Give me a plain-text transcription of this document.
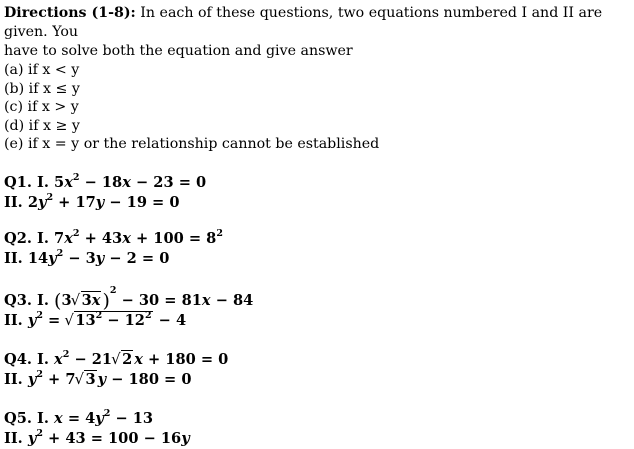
Directions (1-8): In each of these questions, two equations numbered I and II are given. You
have to solve both the equation and give answer

(a) if x < y

(b) if x ≤ y

(c) if x > y

(d) if x ≥ y

(e) if x = y or the relationship cannot be established

Q1. I. $5x^2 - 18x - 23 = 0$

II. $2y^2 + 17y - 19 = 0$

Q2. I. $7x^2 + 43x + 100 = 8^2$

II. $14y^2 - 3y - 2 = 0$

Q3. I. (3√ 3x )$^2$ − 30 = 81x − 84

II. $y^2$ = √ $13^2 - 12^2 - 4$

Q4. I. $x^2 - 21√$ 2 x + 180 = 0

II. $y^2 + 7√$ 3 y − 180 = 0

Q5. I. $x = 4y^2 - 13$

II. $y^2 + 43 = 100 - 16y$
